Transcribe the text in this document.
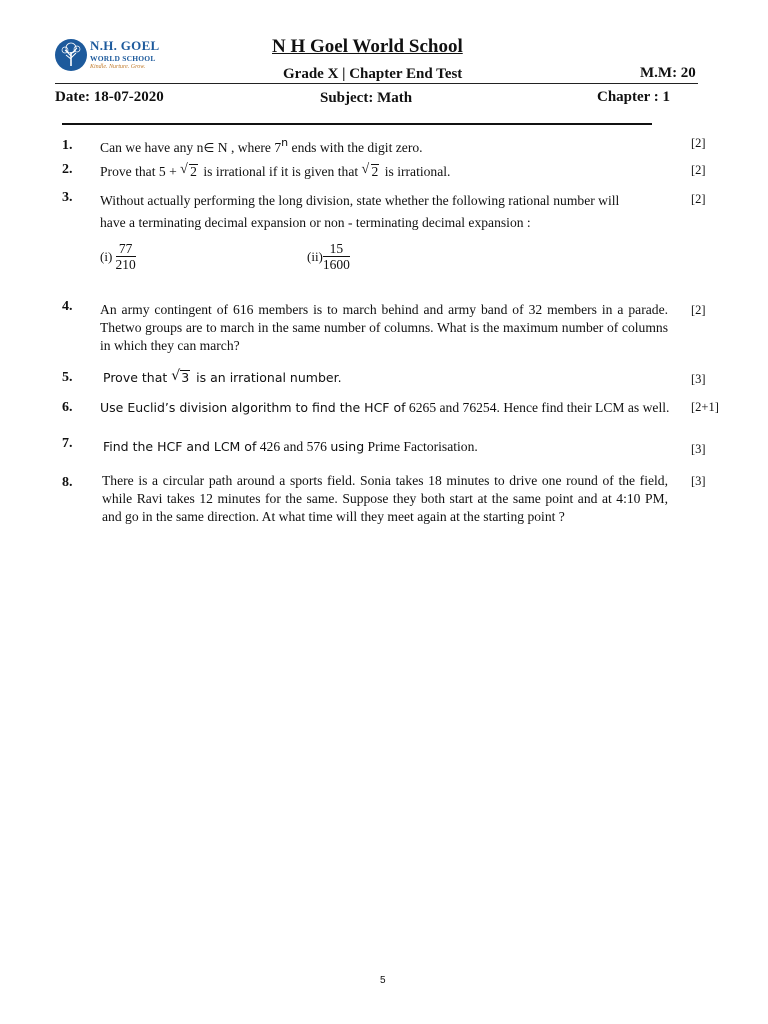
N.H. GOEL
WORLD SCHOOL
Kindle. Nurture. Grow.
N H Goel World School
Grade X | Chapter End Test	M.M: 20
Date: 18-07-2020	Subject: Math	Chapter : 1
1. Can we have any n∈ N , where 7$^n$ ends with the digit zero.	[2]
2. Prove that 5 + √ 2 is irrational if it is given that √ 2 is irrational.	[2]
3. Without actually performing the long division, state whether the following rational number will
have a terminating decimal expansion or non - terminating decimal expansion :
[2]
$(i) \frac{77}{210}$	$(ii) \frac{15}{1600}$
4. An army contingent of 616 members is to march behind and army band of 32 members in a parade. Thetwo groups are to march in the same number of columns. What is the maximum number of columns in which they can march?
[2]
5. Prove that √ 3 is an irrational number.	[3]
6. Use Euclid’s division algorithm to find the HCF of 6265 and 76254. Hence find their LCM as well. [2+1]
7. Find the HCF and LCM of 426 and 576 using Prime Factorisation.	[3]
8. There is a circular path around a sports field. Sonia takes 18 minutes to drive one round of the field, while Ravi takes 12 minutes for the same. Suppose they both start at the same point and at 4:10 PM, and go in the same direction. At what time will they meet again at the starting point ?
[3]
5
